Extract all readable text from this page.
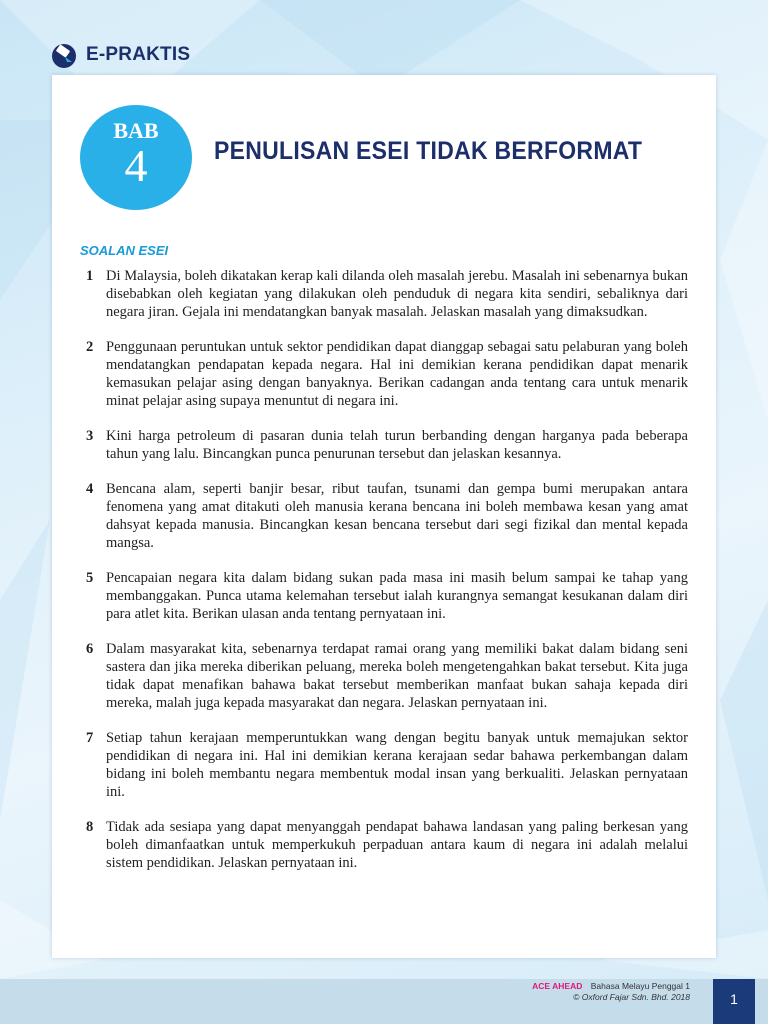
E-PRAKTIS
BAB
4	PENULISAN ESEI TIDAK BERFORMAT
SOALAN ESEI
1 Di Malaysia, boleh dikatakan kerap kali dilanda oleh masalah jerebu. Masalah ini sebenarnya bukan disebabkan oleh kegiatan yang dilakukan oleh penduduk di negara kita sendiri, sebaliknya dari negara jiran. Gejala ini mendatangkan banyak masalah. Jelaskan masalah yang dimaksudkan.
2 Penggunaan peruntukan untuk sektor pendidikan dapat dianggap sebagai satu pelaburan yang boleh mendatangkan pendapatan kepada negara. Hal ini demikian kerana pendidikan dapat menarik kemasukan pelajar asing dengan banyaknya. Berikan cadangan anda tentang cara untuk menarik minat pelajar asing supaya menuntut di negara ini.
3 Kini harga petroleum di pasaran dunia telah turun berbanding dengan harganya pada beberapa tahun yang lalu. Bincangkan punca penurunan tersebut dan jelaskan kesannya.
4 Bencana alam, seperti banjir besar, ribut taufan, tsunami dan gempa bumi merupakan antara fenomena yang amat ditakuti oleh manusia kerana bencana ini boleh membawa kesan yang amat dahsyat kepada manusia. Bincangkan kesan bencana tersebut dari segi fizikal dan mental kepada mangsa.
5 Pencapaian negara kita dalam bidang sukan pada masa ini masih belum sampai ke tahap yang membanggakan. Punca utama kelemahan tersebut ialah kurangnya semangat kesukanan dalam diri para atlet kita. Berikan ulasan anda tentang pernyataan ini.
6 Dalam masyarakat kita, sebenarnya terdapat ramai orang yang memiliki bakat dalam bidang seni sastera dan jika mereka diberikan peluang, mereka boleh mengetengahkan bakat tersebut. Kita juga tidak dapat menafikan bahawa bakat tersebut memberikan manfaat bukan sahaja kepada diri mereka, malah juga kepada masyarakat dan negara. Jelaskan pernyataan ini.
7 Setiap tahun kerajaan memperuntukkan wang dengan begitu banyak untuk memajukan sektor pendidikan di negara ini. Hal ini demikian kerana kerajaan sedar bahawa perkembangan dalam bidang ini boleh membantu negara membentuk modal insan yang berkualiti. Jelaskan pernyataan ini.
8 Tidak ada sesiapa yang dapat menyanggah pendapat bahawa landasan yang paling berkesan yang boleh dimanfaatkan untuk memperkukuh perpaduan antara kaum di negara ini adalah melalui sistem pendidikan. Jelaskan pernyataan ini.
ACE AHEAD Bahasa Melayu Penggal 1
© Oxford Fajar Sdn. Bhd. 2018	1
